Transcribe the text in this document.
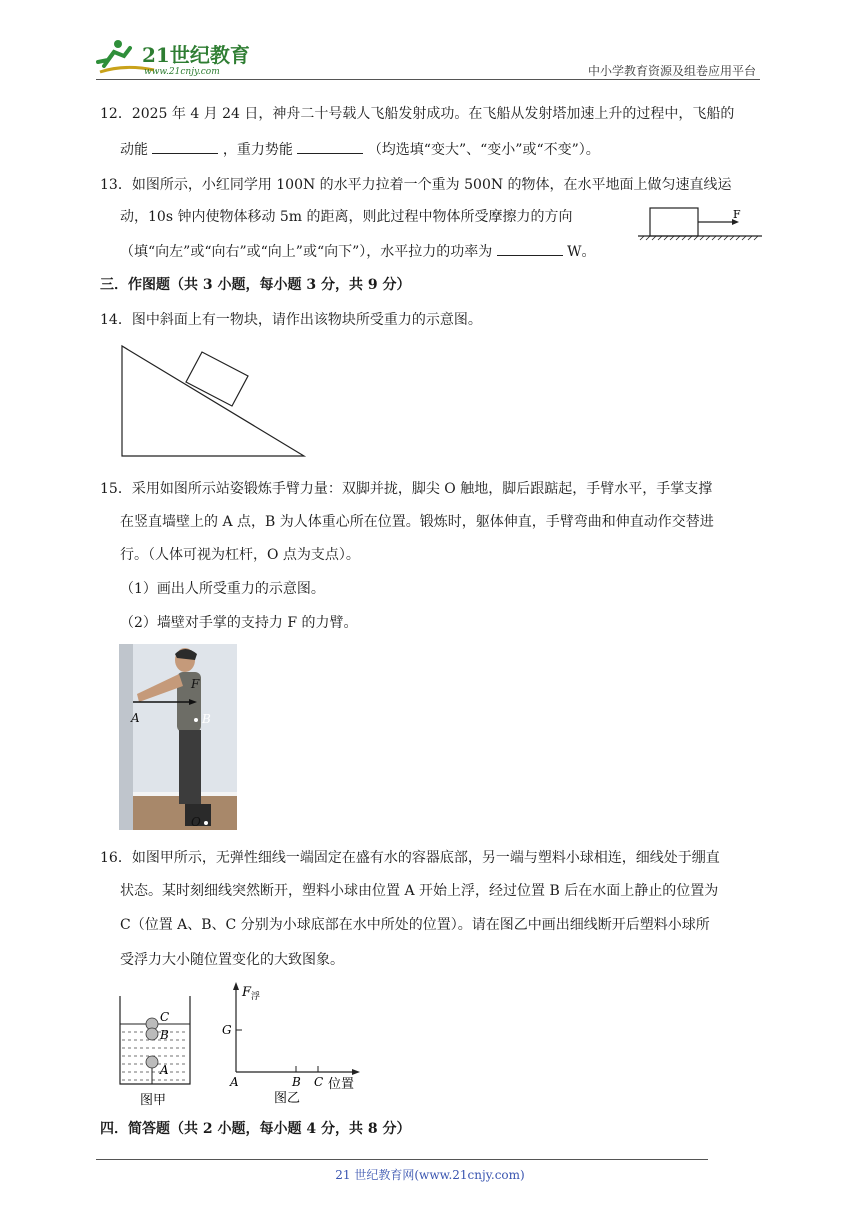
21世纪教育
www.21cnjy.com	中小学教育资源及组卷应用平台
12．2025 年 4 月 24 日，神舟二十号载人飞船发射成功。在飞船从发射塔加速上升的过程中，飞船的
动能	，重力势能	（均选填“变大”、“变小”或“不变”）。
13．如图所示，小红同学用 100N 的水平力拉着一个重为 500N 的物体，在水平地面上做匀速直线运
动，10s 钟内使物体移动 5m 的距离，则此过程中物体所受摩擦力的方向
（填“向左”或“向右”或“向上”或“向下”），水平拉力的功率为	W。
F
三．作图题（共 3 小题，每小题 3 分，共 9 分）
14．图中斜面上有一物块，请作出该物块所受重力的示意图。
15．采用如图所示站姿锻炼手臂力量：双脚并拢，脚尖 O 触地，脚后跟踮起，手臂水平，手掌支撑
在竖直墙壁上的 A 点，B 为人体重心所在位置。锻炼时，躯体伸直，手臂弯曲和伸直动作交替进
行。（人体可视为杠杆，O 点为支点）。
（1）画出人所受重力的示意图。
（2）墙壁对手掌的支持力 F 的力臂。
F
A	B
O
16．如图甲所示，无弹性细线一端固定在盛有水的容器底部，另一端与塑料小球相连，细线处于绷直
状态。某时刻细线突然断开，塑料小球由位置 A 开始上浮，经过位置 B 后在水面上静止的位置为
C（位置 A、B、C 分别为小球底部在水中所处的位置）。请在图乙中画出细线断开后塑料小球所
受浮力大小随位置变化的大致图象。
C
B
A
图甲
$F_浮$
G
A	B C 位置
图乙
四．简答题（共 2 小题，每小题 4 分，共 8 分）
21 世纪教育网(www.21cnjy.com)
